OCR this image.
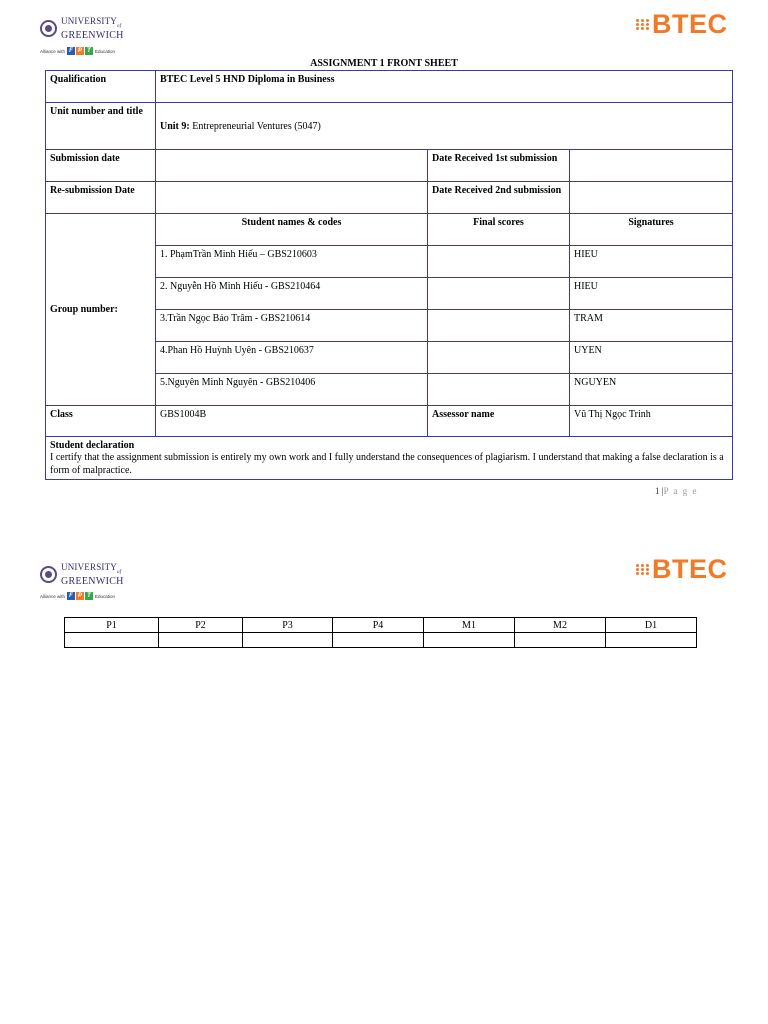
$UNIVERSITY_{of}$
GREENWICH
Alliance with F P T Education
BTEC
ASSIGNMENT 1 FRONT SHEET
Qualification	BTEC Level 5 HND Diploma in Business		
Unit number and title	Unit 9: Entrepreneurial Ventures (5047)		
Submission date		Date Received 1st submission	
Re-submission Date		Date Received 2nd submission	
Group number:	Student names & codes	Final scores	Signatures
	1. PhạmTrần Minh Hiếu – GBS210603		HIEU
	2. Nguyễn Hồ Minh Hiếu - GBS210464		HIEU
	3.Trần Ngọc Bảo Trâm - GBS210614		TRAM
	4.Phan Hồ Huỳnh Uyên - GBS210637		UYEN
	5.Nguyên Minh Nguyên - GBS210406		NGUYEN
Class	GBS1004B	Assessor name	Vũ Thị Ngọc Trinh

Student declaration
I certify that the assignment submission is entirely my own work and I fully understand the consequences of plagiarism. I understand that making a false declaration is a form of malpractice.			
1 |P a g e
$UNIVERSITY_{of}$
GREENWICH
Alliance with F P T Education
BTEC
P1	P2	P3	P4	M1	M2	D1
